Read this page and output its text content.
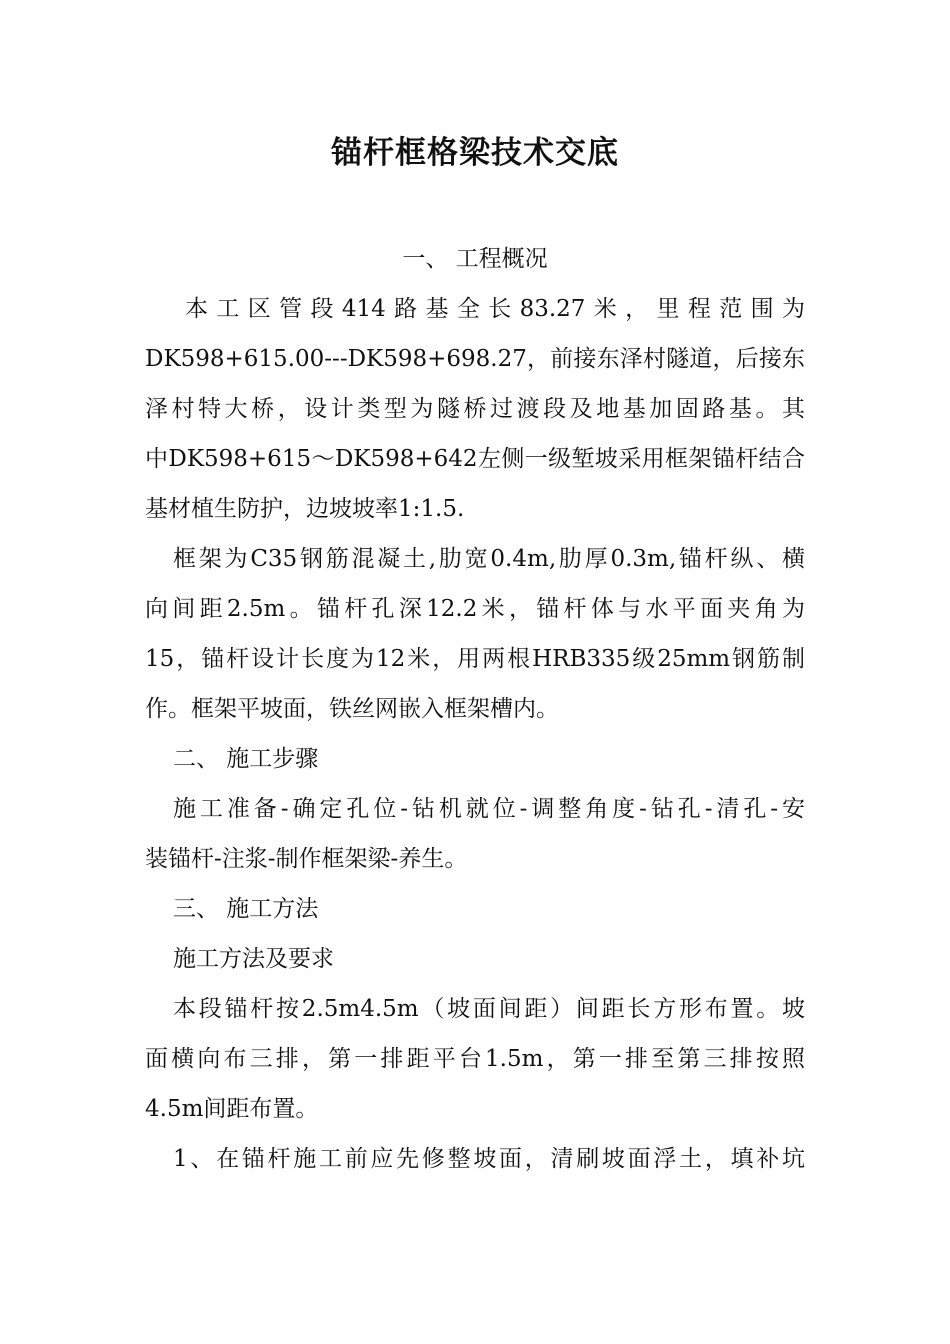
锚杆框格梁技术交底
一、 工程概况
本工区管段414路基全长83.27米，里程范围为
DK598+615.00---DK598+698.27，前接东泽村隧道，后接东
泽村特大桥，设计类型为隧桥过渡段及地基加固路基。其
中DK598+615～DK598+642左侧一级堑坡采用框架锚杆结合
基材植生防护，边坡坡率1:1.5.
框架为C35钢筋混凝土,肋宽0.4m,肋厚0.3m,锚杆纵、横
向间距2.5m。锚杆孔深12.2米，锚杆体与水平面夹角为
15，锚杆设计长度为12米，用两根HRB335级25mm钢筋制
作。框架平坡面，铁丝网嵌入框架槽内。
二、 施工步骤
施工准备-确定孔位-钻机就位-调整角度-钻孔-清孔-安
装锚杆-注浆-制作框架梁-养生。
三、 施工方法
施工方法及要求
本段锚杆按2.5m4.5m（坡面间距）间距长方形布置。坡
面横向布三排，第一排距平台1.5m，第一排至第三排按照
4.5m间距布置。
1、在锚杆施工前应先修整坡面，清刷坡面浮土，填补坑
